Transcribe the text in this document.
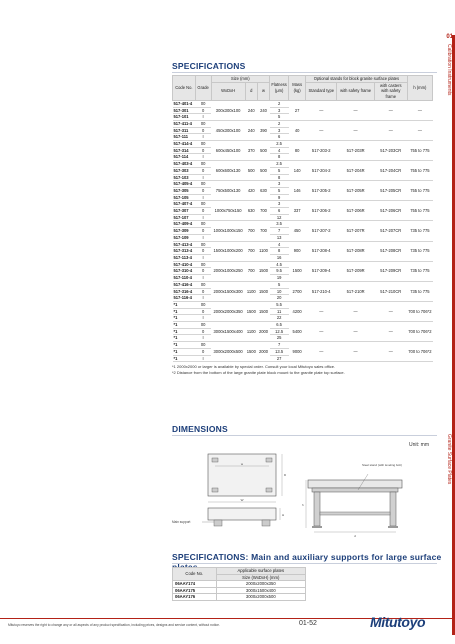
01
Calibration Instruments
Granite Surface Plates
SPECIFICATIONS
Code No.	Grade	Size (mm)			Flatness (μm)	Mass (kg)	Optional stands for block granite surface plates			h (mm)
		WxDxH	d	w			Standard type	with safety frame	with casters with safety frame	
517-401-4	00	300x300x100	240	240	2	27	—	—	—	—
517-301	0				3					
517-101	I				5					
517-411-4	00	450x300x100	240	390	2	40	—	—	—	—
517-311	0				3					
517-111	I				6					
517-414-4	00	600x450x100	370	500	2.5	80	517-203-2	517-203R	517-203CR	755 to 775
517-314	0				4					
517-114	I				8					
517-403-4	00	600x600x130	500	500	2.5	140	517-204-2	517-204R	517-204CR	755 to 775
517-303	0				5					
517-103	I				8					
517-405-4	00	750x500x130	420	630	3	146	517-205-2	517-205R	517-205CR	755 to 775
517-305	0				5					
517-105	I				9					
517-407-4	00	1000x750x150	630	700	3	337	517-206-2	517-206R	517-206CR	755 to 775
517-307	0				6					
517-107	I				12					
517-409-4	00	1000x1000x150	700	700	3.5	450	517-207-2	517-207R	517-207CR	735 to 775
517-309	0				7					
517-109	I				13					
517-413-4	00	1500x1000x200	700	1100	4	900	517-208-4	517-208R	517-208CR	735 to 775
517-313-4	0				8					
517-113-4	I				16					
517-410-4	00	2000x1000x250	700	1500	4.5	1500	517-209-4	517-209R	517-209CR	735 to 775
517-310-4	0				9.5					
517-110-4	I				19					
517-416-4	00	2000x1500x300	1100	1500	5	2700	517-210-4	517-210R	517-210CR	735 to 775
517-316-4	0				10					
517-116-4	I				20					
*1	00	2000x2000x350	1500	1500	5.5	4200	—	—	—	700 to 706*2
*1	0				11					
*1	I				22					
*1	00	3000x1500x400	1100	2000	6.5	5400	—	—	—	700 to 706*2
*1	0				12.5					
*1	I				25					
*1	00	3000x2000x500	1500	2000	7	9000	—	—	—	700 to 706*2
*1	0				13.5					
*1	I				27					
*1 2000x2000 or larger is available by special order. Consult your local Mitutoyo sales office.
*2 Distance from the bottom of the large granite plate block mount to the granite plate top surface.
DIMENSIONS
Unit: mm
w
W
Main support
D
H
Steel stand (with leveling bolt)
h
d
SPECIFICATIONS: Main and auxiliary supports for large surface
Code No.	Applicable surface plates
	Size (WxDxH) (mm)
06AAY174	2000x2000x350
06AAY175	3000x1500x400
06AAY176	3000x2000x500
Mitutoyo reserves the right to change any or all aspects of any product specification, including prices, designs and service content, without notice.	01-52	Mitutoyo
